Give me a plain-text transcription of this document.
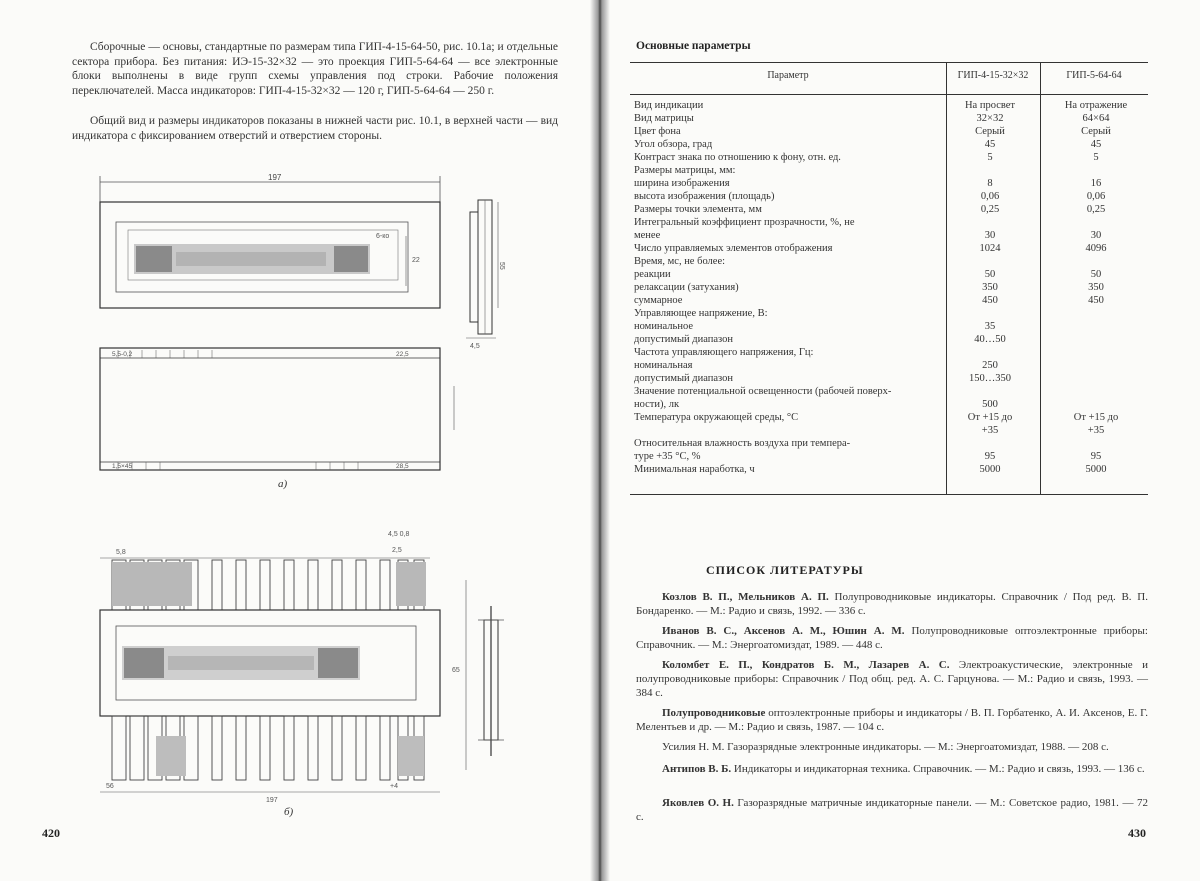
Сборочные — основы, стандартные по размерам типа ГИП-4-15-64-50, рис. 10.1а; и отдельные сектора прибора. Без питания: ИЭ-15-32×32 — это проекция ГИП-5-64-64 — все электронные блоки выполнены в виде групп схемы управления под строки. Рабочие положения переключателей. Масса индикаторов: ГИП-4-15-32×32 — 120 г, ГИП-5-64-64 — 250 г.
Общий вид и размеры индикаторов показаны в нижней части рис. 10.1, в верхней части — вид индикатора с фиксированием отверстий и отверстием стороны.
197
6-ко
22
55
4,5
5,5-0,2	22,5
1,5×45	28,5
5,8
4,5 0,8
2,5
65
56
197
+4
а)
б)
420
Основные параметры
Параметр	ГИП-4-15-32×32	ГИП-5-64-64
Вид индикации	На просвет	На отражение
Вид матрицы	32×32	64×64
Цвет фона	Серый	Серый
Угол обзора, град	45	45
Контраст знака по отношению к фону, отн. ед.	5	5
Размеры матрицы, мм:
ширина изображения	8	16
высота изображения (площадь)	0,06	0,06
Размеры точки элемента, мм	0,25	0,25
Интегральный коэффициент прозрачности, %, не
менее	30	30
Число управляемых элементов отображения	1024	4096
Время, мс, не более:
реакции	50	50
релаксации (затухания)	350	350
суммарное	450	450
Управляющее напряжение, В:
номинальное	35
допустимый диапазон	40…50
Частота управляющего напряжения, Гц:
номинальная	250
допустимый диапазон	150…350
Значение потенциальной освещенности (рабочей поверх-
ности), лк	500
Температура окружающей среды, °С	От +15 до	От +15 до
+35	+35
Относительная влажность воздуха при темпера-
туре +35 °С, %	95	95
Минимальная наработка, ч	5000	5000
СПИСОК ЛИТЕРАТУРЫ
Козлов В. П., Мельников А. П. Полупроводниковые индикаторы. Справочник / Под ред. В. П. Бондаренко. — М.: Радио и связь, 1992. — 336 с.
Иванов В. С., Аксенов А. М., Юшин А. М. Полупроводниковые оптоэлектронные приборы: Справочник. — М.: Энергоатомиздат, 1989. — 448 с.
Коломбет Е. П., Кондратов Б. М., Лазарев А. С. Электроакустические, электронные и полупроводниковые приборы: Справочник / Под общ. ред. А. С. Гарцунова. — М.: Радио и связь, 1993. — 384 с.
Полупроводниковые оптоэлектронные приборы и индикаторы / В. П. Горбатенко, А. И. Аксенов, Е. Г. Мелентьев и др. — М.: Радио и связь, 1987. — 104 с.
Усилия Н. М. Газоразрядные электронные индикаторы. — М.: Энергоатомиздат, 1988. — 208 с.
Антипов В. Б. Индикаторы и индикаторная техника. Справочник. — М.: Радио и связь, 1993. — 136 с.
Яковлев О. Н. Газоразрядные матричные индикаторные панели. — М.: Советское радио, 1981. — 72 с.
430
